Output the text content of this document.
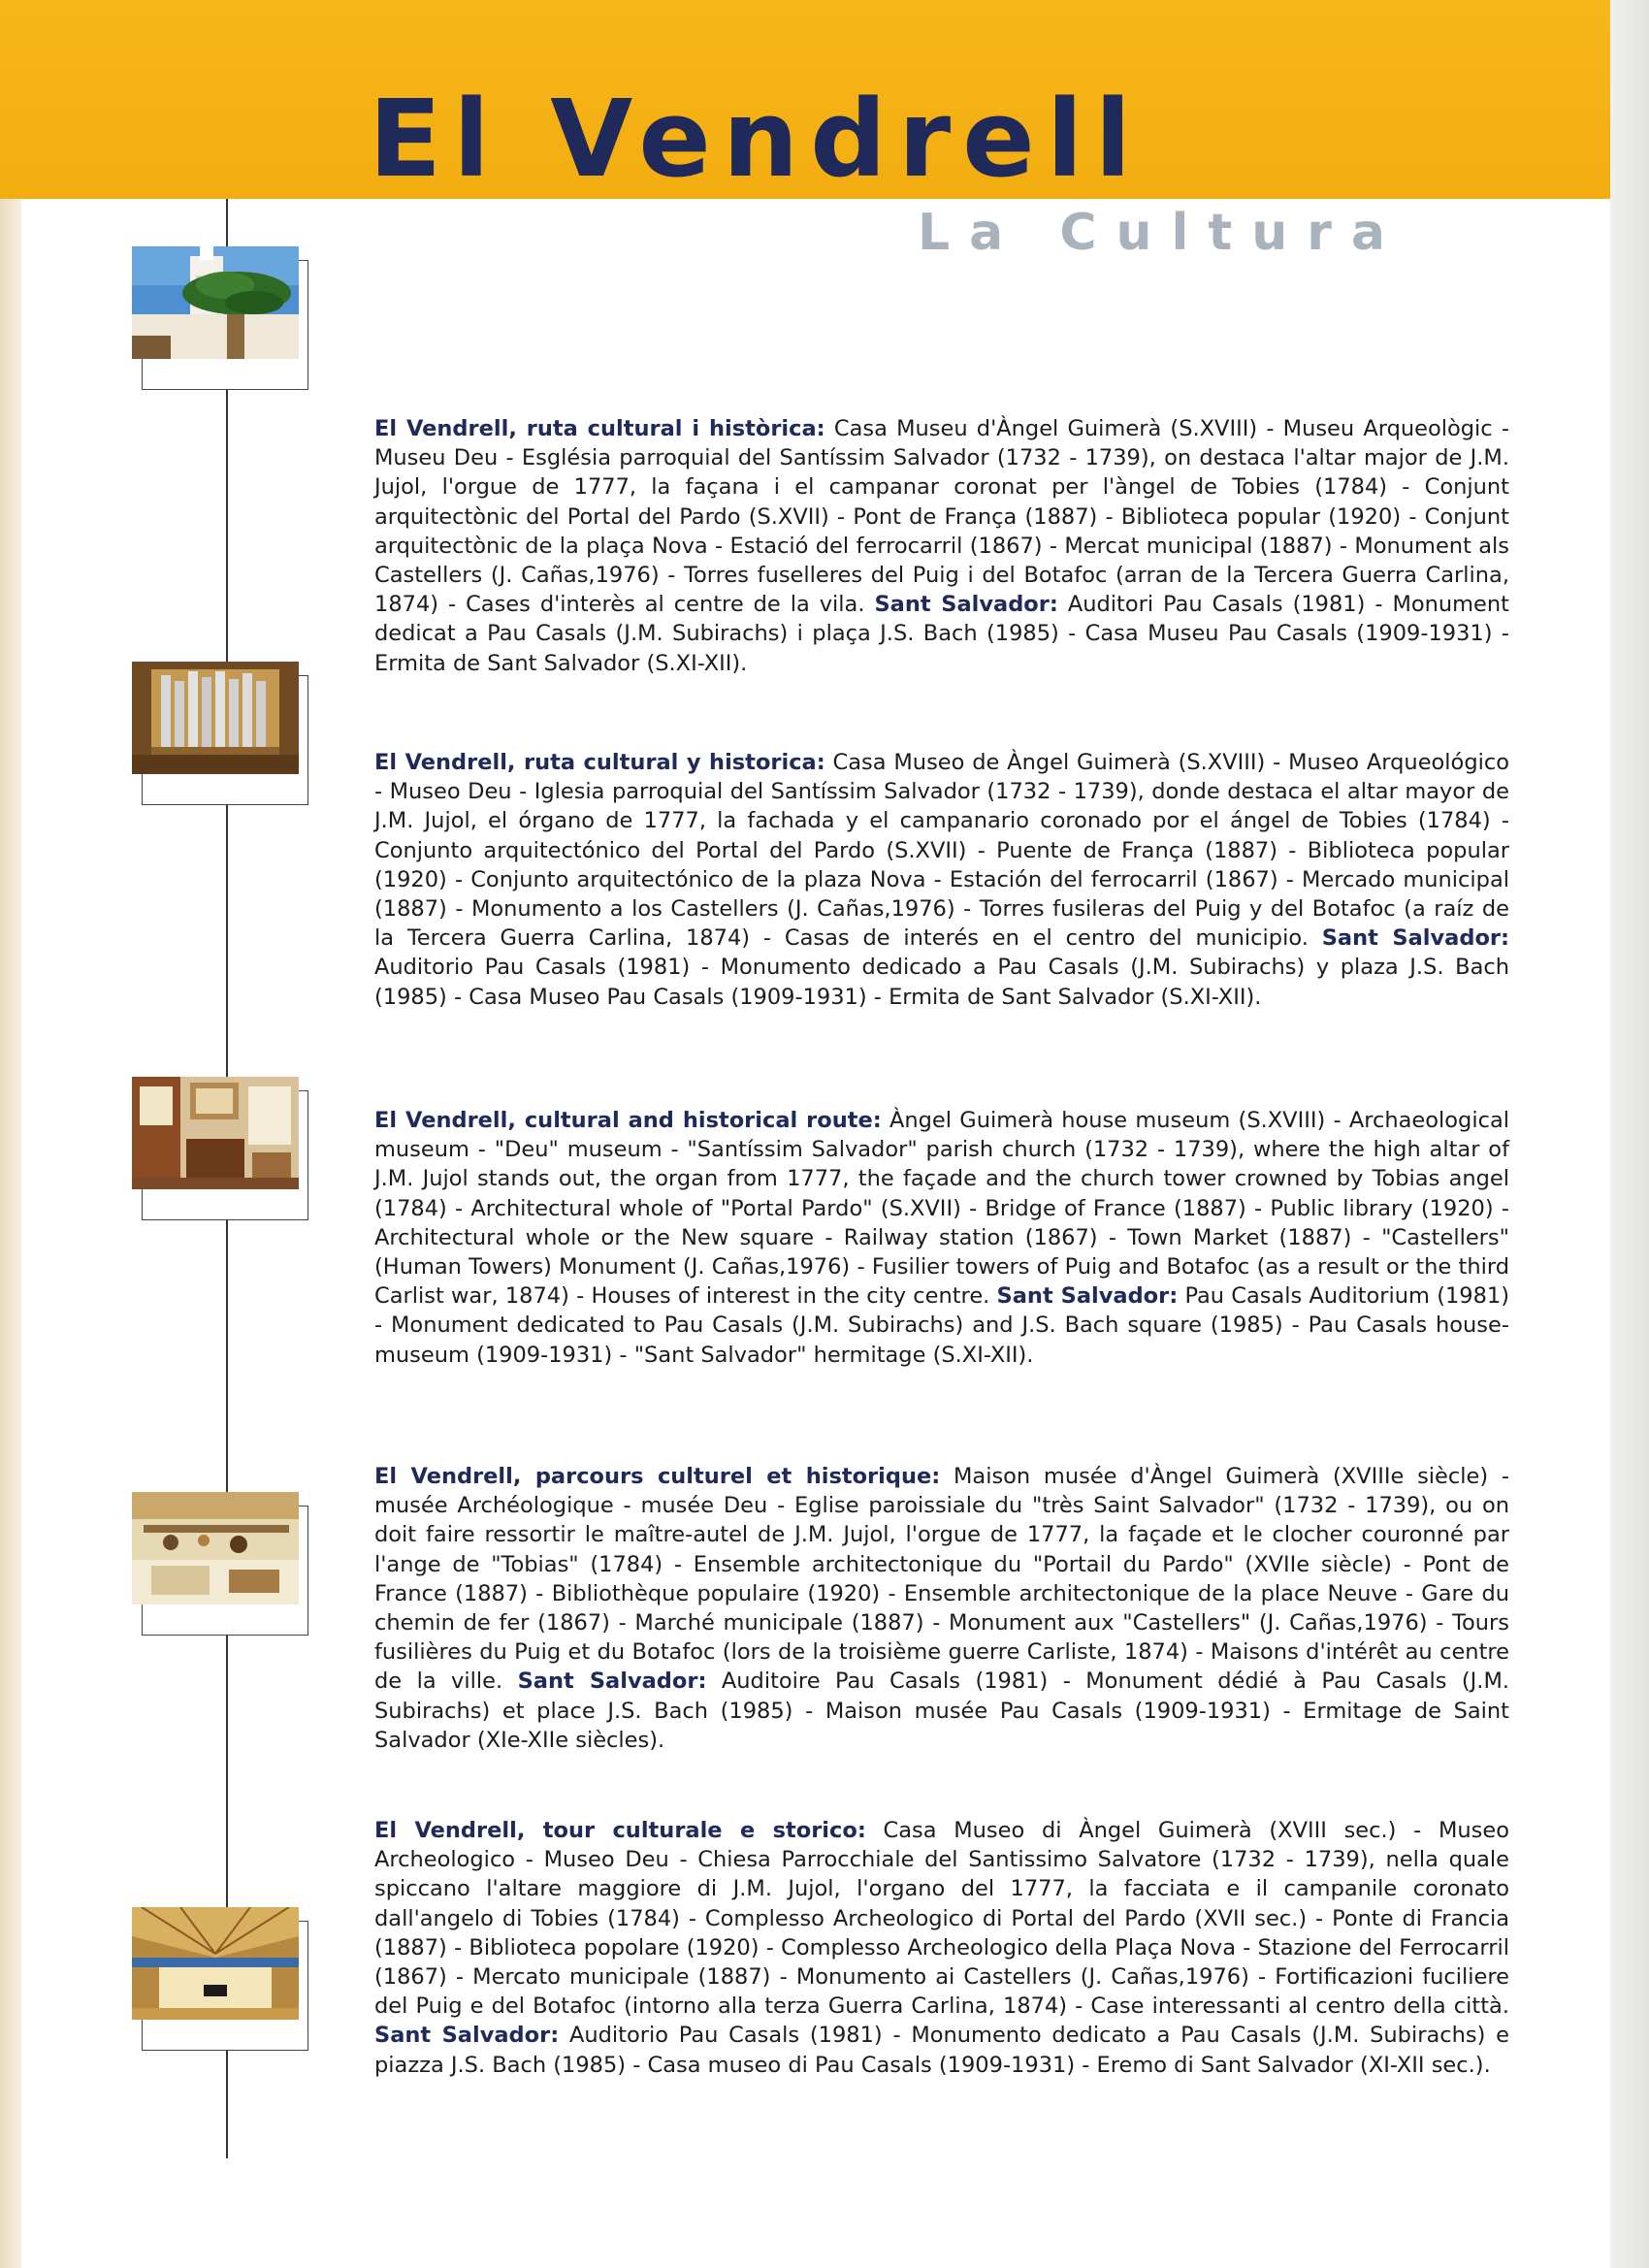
El Vendrell
La Cultura
El Vendrell, ruta cultural i històrica: Casa Museu d'Àngel Guimerà (S.XVIII) - Museu Arqueològic - Museu Deu - Església parroquial del Santíssim Salvador (1732 - 1739), on destaca l'altar major de J.M. Jujol, l'orgue de 1777, la façana i el campanar coronat per l'àngel de Tobies (1784) - Conjunt arquitectònic del Portal del Pardo (S.XVII) - Pont de França (1887) - Biblioteca popular (1920) - Conjunt arquitectònic de la plaça Nova - Estació del ferrocarril (1867) - Mercat municipal (1887) - Monument als Castellers (J. Cañas,1976) - Torres fuselleres del Puig i del Botafoc (arran de la Tercera Guerra Carlina, 1874) - Cases d'interès al centre de la vila. Sant Salvador: Auditori Pau Casals (1981) - Monument dedicat a Pau Casals (J.M. Subirachs) i plaça J.S. Bach (1985) - Casa Museu Pau Casals (1909-1931) - Ermita de Sant Salvador (S.XI-XII).
El Vendrell, ruta cultural y historica: Casa Museo de Àngel Guimerà (S.XVIII) - Museo Arqueológico - Museo Deu - Iglesia parroquial del Santíssim Salvador (1732 - 1739), donde destaca el altar mayor de J.M. Jujol, el órgano de 1777, la fachada y el campanario coronado por el ángel de Tobies (1784) - Conjunto arquitectónico del Portal del Pardo (S.XVII) - Puente de França (1887) - Biblioteca popular (1920) - Conjunto arquitectónico de la plaza Nova - Estación del ferrocarril (1867) - Mercado municipal (1887) - Monumento a los Castellers (J. Cañas,1976) - Torres fusileras del Puig y del Botafoc (a raíz de la Tercera Guerra Carlina, 1874) - Casas de interés en el centro del municipio. Sant Salvador: Auditorio Pau Casals (1981) - Monumento dedicado a Pau Casals (J.M. Subirachs) y plaza J.S. Bach (1985) - Casa Museo Pau Casals (1909-1931) - Ermita de Sant Salvador (S.XI-XII).
El Vendrell, cultural and historical route: Àngel Guimerà house museum (S.XVIII) - Archaeological museum - "Deu" museum - "Santíssim Salvador" parish church (1732 - 1739), where the high altar of J.M. Jujol stands out, the organ from 1777, the façade and the church tower crowned by Tobias angel (1784) - Architectural whole of "Portal Pardo" (S.XVII) - Bridge of France (1887) - Public library (1920) - Architectural whole or the New square - Railway station (1867) - Town Market (1887) - "Castellers" (Human Towers) Monument (J. Cañas,1976) - Fusilier towers of Puig and Botafoc (as a result or the third Carlist war, 1874) - Houses of interest in the city centre. Sant Salvador: Pau Casals Auditorium (1981) - Monument dedicated to Pau Casals (J.M. Subirachs) and J.S. Bach square (1985) - Pau Casals house-museum (1909-1931) - "Sant Salvador" hermitage (S.XI-XII).
El Vendrell, parcours culturel et historique: Maison musée d'Àngel Guimerà (XVIIIe siècle) - musée Archéologique - musée Deu - Eglise paroissiale du "très Saint Salvador" (1732 - 1739), ou on doit faire ressortir le maître-autel de J.M. Jujol, l'orgue de 1777, la façade et le clocher couronné par l'ange de "Tobias" (1784) - Ensemble architectonique du "Portail du Pardo" (XVIIe siècle) - Pont de France (1887) - Bibliothèque populaire (1920) - Ensemble architectonique de la place Neuve - Gare du chemin de fer (1867) - Marché municipale (1887) - Monument aux "Castellers" (J. Cañas,1976) - Tours fusilières du Puig et du Botafoc (lors de la troisième guerre Carliste, 1874) - Maisons d'intérêt au centre de la ville. Sant Salvador: Auditoire Pau Casals (1981) - Monument dédié à Pau Casals (J.M. Subirachs) et place J.S. Bach (1985) - Maison musée Pau Casals (1909-1931) - Ermitage de Saint Salvador (XIe-XIIe siècles).
El Vendrell, tour culturale e storico: Casa Museo di Àngel Guimerà (XVIII sec.) - Museo Archeologico - Museo Deu - Chiesa Parrocchiale del Santissimo Salvatore (1732 - 1739), nella quale spiccano l'altare maggiore di J.M. Jujol, l'organo del 1777, la facciata e il campanile coronato dall'angelo di Tobies (1784) - Complesso Archeologico di Portal del Pardo (XVII sec.) - Ponte di Francia (1887) - Biblioteca popolare (1920) - Complesso Archeologico della Plaça Nova - Stazione del Ferrocarril (1867) - Mercato municipale (1887) - Monumento ai Castellers (J. Cañas,1976) - Fortificazioni fuciliere del Puig e del Botafoc (intorno alla terza Guerra Carlina, 1874) - Case interessanti al centro della città. Sant Salvador: Auditorio Pau Casals (1981) - Monumento dedicato a Pau Casals (J.M. Subirachs) e piazza J.S. Bach (1985) - Casa museo di Pau Casals (1909-1931) - Eremo di Sant Salvador (XI-XII sec.).
